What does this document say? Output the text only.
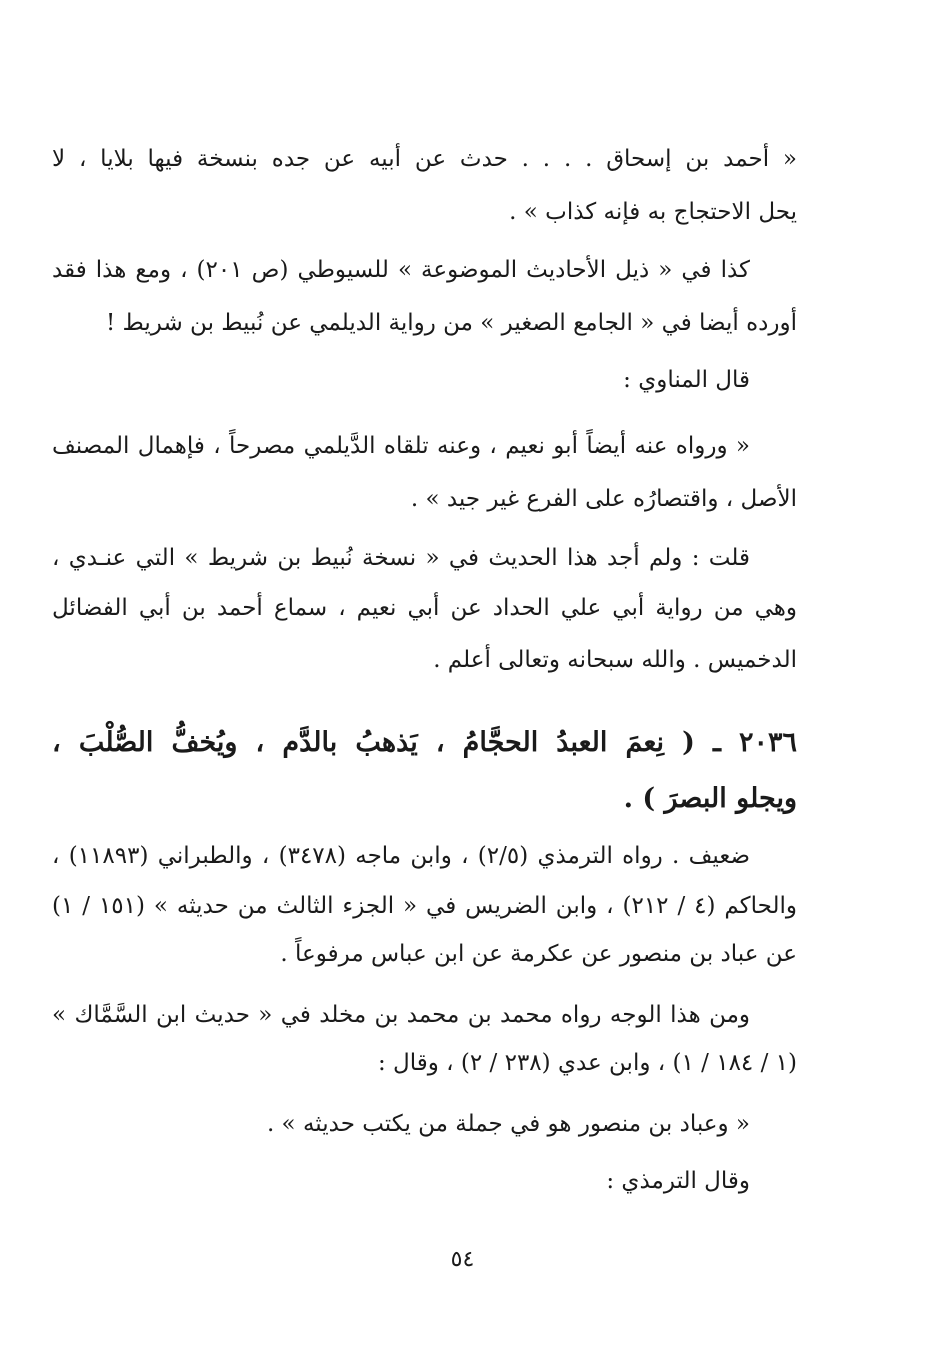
« أحمد بن إسحاق . . . . حدث عن أبيه عن جده بنسخة فيها بلايا ، لا
يحل الاحتجاج به فإنه كذاب » .
كذا في « ذيل الأحاديث الموضوعة » للسيوطي (ص ٢٠١) ، ومع هذا فقد
أورده أيضا في « الجامع الصغير » من رواية الديلمي عن نُبيط بن شريط !
قال المناوي :
« ورواه عنه أيضاً أبو نعيم ، وعنه تلقاه الدَّيلمي مصرحاً ، فإهمال المصنف
الأصل ، واقتصارُه على الفرع غير جيد » .
قلت : ولم أجد هذا الحديث في « نسخة نُبيط بن شريط » التي عنـدي ،
وهي من رواية أبي علي الحداد عن أبي نعيم ، سماع أحمد بن أبي الفضائل
الدخميس . والله سبحانه وتعالى أعلم .
٢٠٣٦ ـ ( نِعمَ العبدُ الحجَّامُ ، يَذهبُ بالدَّم ، ويُخفُّ الصُّلْبَ ،
ويجلو البصرَ ) .
ضعيف . رواه الترمذي (٢/٥) ، وابن ماجه (٣٤٧٨) ، والطبراني (١١٨٩٣) ،
والحاكم (٤ / ٢١٢) ، وابن الضريس في « الجزء الثالث من حديثه » (١٥١ / ١)
عن عباد بن منصور عن عكرمة عن ابن عباس مرفوعاً .
ومن هذا الوجه رواه محمد بن محمد بن مخلد في « حديث ابن السَّمَّاك »
(١ / ١٨٤ / ١) ، وابن عدي (٢٣٨ / ٢) ، وقال :
« وعباد بن منصور هو في جملة من يكتب حديثه » .
وقال الترمذي :
٥٤
